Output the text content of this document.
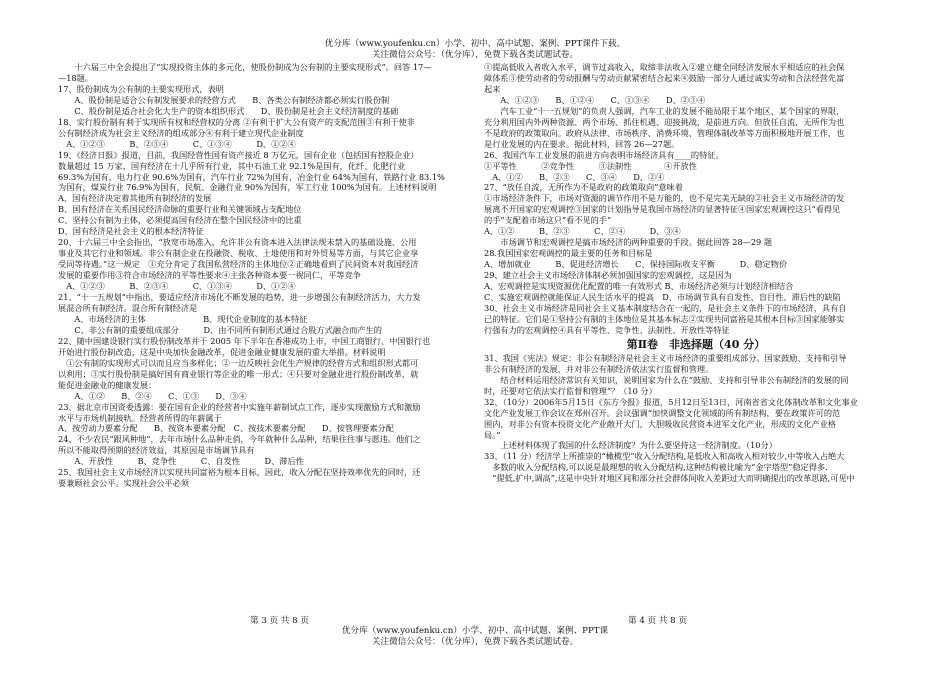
优分库（www.youfenku.cn）小学、初中、高中试题、案例、PPT课件下载。
关注微信公众号：（优分库），免费下载各类试题试卷。

　　十六届三中全会提出了“实现投资主体的多元化，使股份制成为公有制的主要实现形式”。回答 17—

—18题。

17、股份制成为公有制的主要实现形式，表明

　　A、股份制是适合公有制发展要求的经营方式　　B、各类公有制经济都必须实行股份制

　　C、股份制是适合社会化大生产的资本组织形式　　D、股份制是社会主义经济制度的基础

18、实行股份制有利于实现所有权和经营权的分离 ②有利于扩大公有资产的支配范围③有利于使非

公有制经济成为社会主义经济的组成部分④有利于建立现代企业制度

　A、①②③　　　B、②③④　　　C、①③④　　　D、①②④

19、《经济日报》报道，目前，我国经营性国有资产接近 8 万亿元，国有企业（包括国有控股企业）

数量超过 15 万家，国有经济在十几乎所有行业，其中石油工业 92.1%是国有，化纤、化肥行业

69.3%为国有，电力行业 90.6%为国有，汽车行业 72%为国有，冶金行业 64%为国有，铁路行业 83.1%

为国有，煤炭行业 76.9%为国有，民航、金融行业 90%为国有，军工行业 100%为国有。上述材料说明

A、国有经济决定着其他所有制经济的发展

B、国有经济在关系国民经济命脉的重要行业和关键领域占支配地位

C、坚持公有制为主体，必须提高国有经济在整个国民经济中的比重

D、国有经济是社会主义的根本经济特征

20、十六届三中全会指出，“放宽市场准入，允许非公有资本进入法律法规未禁入的基础设施、公用

事业及其它行业和领域。非公有制企业在投融资、税收、土地使用和对外贸易等方面，与其它企业享

受同等待遇。”这一规定　①充分肯定了我国私营经济的主体地位②正确地看到了民间资本对我国经济

发展的重要作用③符合市场经济的平等性要求④主张各种资本要一视同仁，平等竞争

　A、①②③　　　B、②③④　　　C、①③④　　　D、①②④

21、“十一五规划”中指出，要适应经济市场化不断发展的趋势，进一步增强公有制经济活力，大力发

展混合所有制经济。混合所有制经济是

　　A、市场经济的主体　　　　　　　B、现代企业制度的基本特征

　　C、非公有制的重要组成部分　　　D、由不同所有制形式通过合股方式融合而产生的

22、随中国建设银行实行股份制改革并于 2005 年下半年在香港成功上市，中国工商银行、中国银行也

开始进行股份制改造，这是中央加快金融改革，促进金融业健康发展的重大举措。材料说明

　①公有制的实现形式可以而且应当多样化；②一边反映社会化生产规律的经营方式和组织形式都可

以利用；③实行股份制是搞好国有商业银行等企业的唯一形式；④只要对金融业进行股份制改革，就

能促进金融业的健康发展：

　　A、①②　　B、②④　　C、①③　　D、③④

23、据北京市国资委透露：要在国有企业的经营者中实施年薪制试点工作，逐步实现激励方式和激励

水平与市场机制接轨。经营者所得的年薪属于

A、按劳动力要素分配　　B、按资本要素分配　C、按技术要素分配　　D、按管理要素分配

24、不少农民“跟风种地”，去年市场什么品种走俏，今年就种什么品种，结果往往事与愿违。他们之

所以不能取得预期的经济效益，其原因是市场调节具有

　　A、开放性　　　B、竞争性　　　C、自发性　　　D、滞后性

25、我国社会主义市场经济以实现共同富裕为根本目标，因此，收入分配在坚持效率优先的同时，还

要兼顾社会公平。实现社会公平必须

①提高低收入者收入水平，调节过高收入，取缔非法收入②建立健全同经济发展水平相适应的社会保

障体系③使劳动者的劳动报酬与劳动贡献紧密结合起来④鼓励一部分人通过诚实劳动和合法经营先富

起来

　　A、①②③　　B、①②④　　C、①③④　　D、②③④

　　汽车工业“十一五规划”的负责人强调，汽车工业的发展不能局限于某个地区、某个国家的界限，

充分利用国内外两种资源、两个市场、抓住机遇、迎接挑战，是前进方向。但放任自流，无所作为也

不是政府的政策取向。政府从法律、市场秩序、消费环境、管理体制改革等方面积极地开展工作，也

是行业发展的内在要求。据此材料，回答 26—27题。

26、我国汽车工业发展的前进方向表明市场经济具有____的特征。

①平等性　　　②竞争性　　　③法制性　　　　④开放性

　A、①②　　B、②③　　C、③④　　D、②④

27、“放任自流，无所作为不是政府的政策取向”意味着

①市场经济条件下，市场对资源的调节作用不是万能的，也不是完美无缺的②社会主义市场经济的发

展离不开国家的宏观调控③国家的计划指导是我国市场经济的显著特征④国家宏观调控这只“看得见

的手”支配着市场这只“看不见的手”

A、①②　　　B、②③　　　C、②④　　　D、③④

　　市场调节和宏观调控是搞市场经济的两种重要的手段。据此回答 28—29 题

28.我国国家宏观调控的最主要的任务和目标是

A、增加就业　　　B、促进经济增长　　C、保持国际收支平衡　　　D、稳定物价

29、建立社会主义市场经济体制必须加强国家的宏观调控，这是因为

A、宏观调控是实现资源优化配置的唯一有效形式 B、市场经济必须与计划经济相结合

C、实施宏观调控就能保证人民生活水平的提高　D、市场调节具有自发性、盲目性、滞后性的缺陷

30、社会主义市场经济是同社会主义基本制度结合在一起的，是社会主义条件下的市场经济，具有自

己的特征。它们是①坚持公有制的主体地位是其基本标志②实现共同富裕是其根本目标③国家能够实

行强有力的宏观调控④具有平等性、竞争性、法制性、开放性等特征

第Ⅱ卷　非选择题（40 分）

31、我国《宪法》规定：非公有制经济是社会主义市场经济的重要组成部分。国家鼓励、支持和引导

非公有制经济的发展，并对非公有制经济依法实行监督和管理。

　　结合材料运用经济常识有关知识，说明国家为什么在“鼓励、支持和引导非公有制经济的发展的同

时，还要对它依法实行监督和管理”？（10 分）

32、（10分）2006年5月15日《东方今报》报道，5月12日至13日，河南省省文化体制改革和文化事业

文化产业发展工作会议在郑州召开。会议强调“加快调整文化领域的所有制结构，要在政策许可的范

围内，对非公有资本投资文化产业敞开大门，大胆吸收民营资本进军文化产业，形成的文化产业格

局。”

　　上述材料体现了我国的什么经济制度？为什么要坚持这一经济制度。（10分）

33、（11 分）经济学上所推崇的“橄榄型”收入分配结构,是低收入和高收入相对较少,中等收入占绝大

　多数的收入分配结构,可以说是最理想的收入分配结构,这种结构被比喻为“金字塔型”稳定得多.

　“提低,扩中,调高”,这是中央针对地区间和部分社会群体间收入差距过大而明确提出的改革思路,可见中

第 3 页 共 8 页	第 4 页 共 8 页
优分库（www.youfenku.cn）小学、初中、高中试题、案例、PPT课
关注微信公众号：（优分库），免费下载各类试题试卷。
